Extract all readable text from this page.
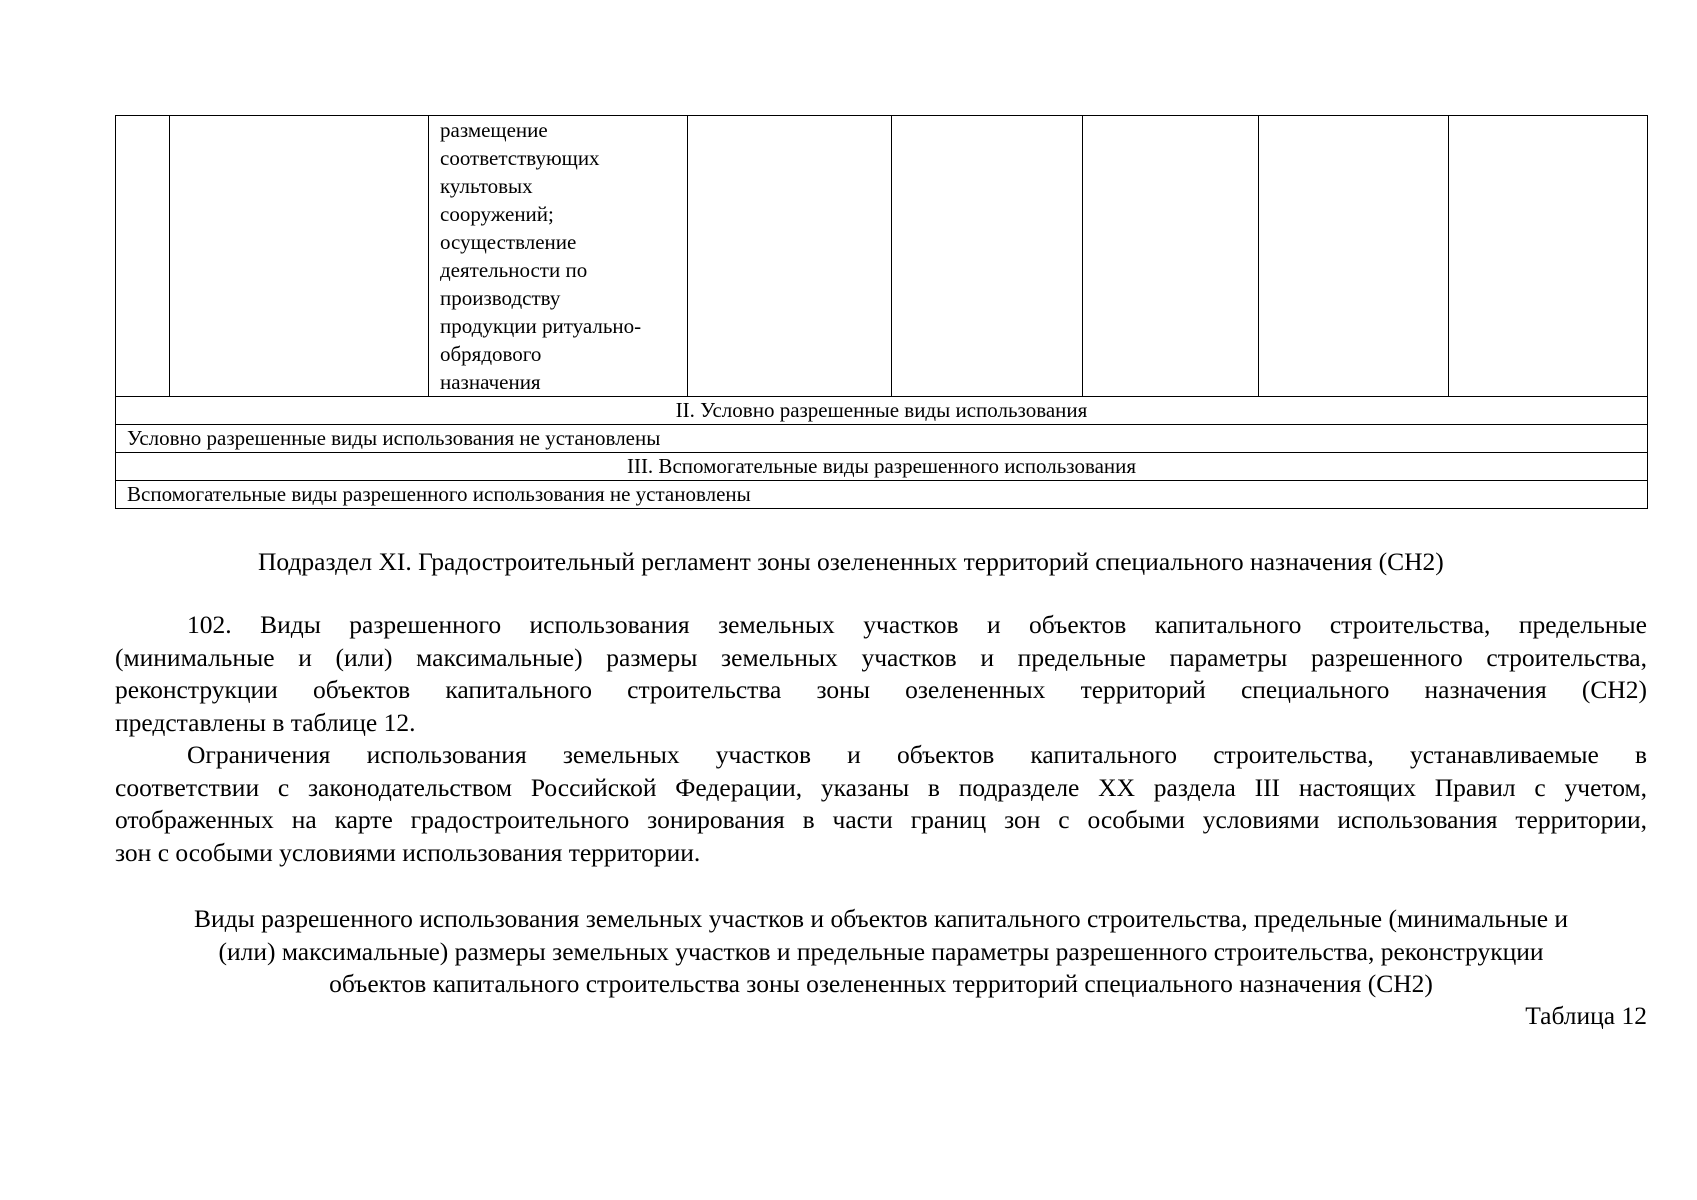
размещение
соответствующих
культовых
сооружений;
осуществление
деятельности по
производству
продукции ритуально-
обрядового
назначения

II. Условно разрешенные виды использования
Условно разрешенные виды использования не установлены
III. Вспомогательные виды разрешенного использования
Вспомогательные виды разрешенного использования не установлены
Подраздел XI. Градостроительный регламент зоны озелененных территорий специального назначения (СН2)
102. Виды разрешенного использования земельных участков и объектов капитального строительства, предельные
(минимальные и (или) максимальные) размеры земельных участков и предельные параметры разрешенного строительства,
реконструкции объектов капитального строительства зоны озелененных территорий специального назначения (СН2)
представлены в таблице 12.
Ограничения использования земельных участков и объектов капитального строительства, устанавливаемые в
соответствии с законодательством Российской Федерации, указаны в подразделе XX раздела III настоящих Правил с учетом,
отображенных на карте градостроительного зонирования в части границ зон с особыми условиями использования территории,
зон с особыми условиями использования территории.
Виды разрешенного использования земельных участков и объектов капитального строительства, предельные (минимальные и
(или) максимальные) размеры земельных участков и предельные параметры разрешенного строительства, реконструкции
объектов капитального строительства зоны озелененных территорий специального назначения (СН2)
Таблица 12
